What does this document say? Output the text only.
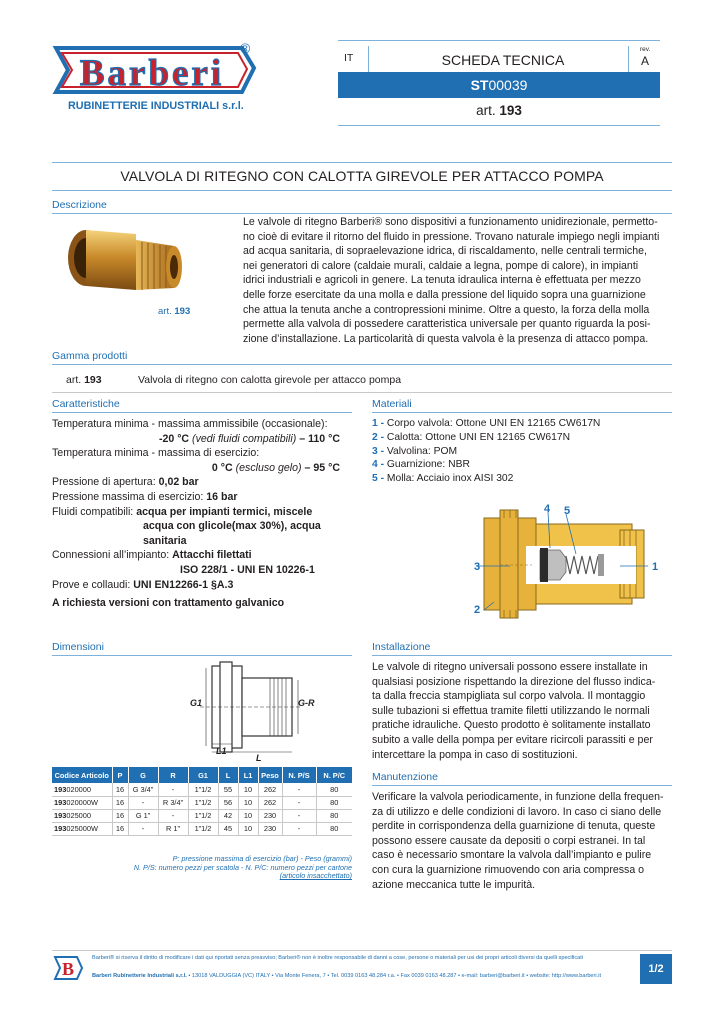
Barberi
®
RUBINETTERIE INDUSTRIALI s.r.l.
IT	SCHEDA TECNICA
rev.
A
ST00039
art. 193
VALVOLA DI RITEGNO CON CALOTTA GIREVOLE PER ATTACCO POMPA
Descrizione
art. 193
Le valvole di ritegno Barberi® sono dispositivi a funzionamento unidirezionale, permetto-
no cioè di evitare il ritorno del fluido in pressione. Trovano naturale impiego negli impianti
ad acqua sanitaria, di sopraelevazione idrica, di riscaldamento, nelle centrali termiche,
nei generatori di calore (caldaie murali, caldaie a legna, pompe di calore), in impianti
idrici industriali e agricoli in genere. La tenuta idraulica interna è effettuata per mezzo
delle forze esercitate da una molla e dalla pressione del liquido sopra una guarnizione
che attua la tenuta anche a contropressioni minime. Oltre a questo, la forza della molla
permette alla valvola di possedere caratteristica universale per quanto riguarda la posi-
zione d’installazione. La particolarità di questa valvola è la presenza di attacco pompa.
Gamma prodotti
art. 193	Valvola di ritegno con calotta girevole per attacco pompa
Caratteristiche
Temperatura minima - massima ammissibile (occasionale):
-20 °C (vedi fluidi compatibili) – 110 °C
Temperatura minima - massima di esercizio:
0 °C (escluso gelo) – 95 °C
Pressione di apertura: 0,02 bar
Pressione massima di esercizio: 16 bar
Fluidi compatibili: acqua per impianti termici, miscele
acqua con glicole(max 30%), acqua
sanitaria
Connessioni all’impianto: Attacchi filettati
ISO 228/1 - UNI EN 10226-1
Prove e collaudi: UNI EN12266-1 §A.3
A richiesta versioni con trattamento galvanico
Materiali
1 - Corpo valvola: Ottone UNI EN 12165 CW617N
2 - Calotta: Ottone UNI EN 12165 CW617N
3 - Valvolina: POM
4 - Guarnizione: NBR
5 - Molla: Acciaio inox AISI 302
4 5
3	1
2
Dimensioni
G1	G-R
L1
L
Codice Articolo	P	G	R	G1	L	L1	Peso	N. P/S	N. P/C
193020000	16	G 3/4”	-	1”1/2	55	10	262	-	80
193020000W	16	-	R 3/4”	1”1/2	56	10	262	-	80
193025000	16	G 1”	-	1”1/2	42	10	230	-	80
193025000W	16	-	R 1”	1”1/2	45	10	230	-	80
P: pressione massima di esercizio (bar) - Peso (grammi)
N. P/S: numero pezzi per scatola - N. P/C: numero pezzi per cartone
(articolo insacchettato)
Installazione
Le valvole di ritegno universali possono essere installate in
qualsiasi posizione rispettando la direzione del flusso indica-
ta dalla freccia stampigliata sul corpo valvola. Il montaggio
sulle tubazioni si effettua tramite filetti utilizzando le normali
pratiche idrauliche. Questo prodotto è solitamente installato
subito a valle della pompa per evitare ricircoli parassiti e per
intercettare la pompa in caso di sostituzioni.
Manutenzione
Verificare la valvola periodicamente, in funzione della frequen-
za di utilizzo e delle condizioni di lavoro. In caso ci siano delle
perdite in corrispondenza della guarnizione di tenuta, queste
possono essere causate da depositi o corpi estranei. In tal
caso è necessario smontare la valvola dall’impianto e pulire
con cura la guarnizione rimuovendo con aria compressa o
azione meccanica tutte le impurità.
B
Barberi® si riserva il diritto di modificare i dati qui riportati senza preavviso; Barberi® non è inoltre responsabile di danni a cose, persone o materiali per usi dei propri articoli diversi da quelli specificati
Barberi Rubinetterie Industriali s.r.l. • 13018 VALDUGGIA (VC) ITALY • Via Monte Fenera, 7 • Tel. 0039 0163 48.284 r.a. • Fax 0039 0163 48.287 • e-mail: barberi@barberi.it • website: http://www.barberi.it
1/2
